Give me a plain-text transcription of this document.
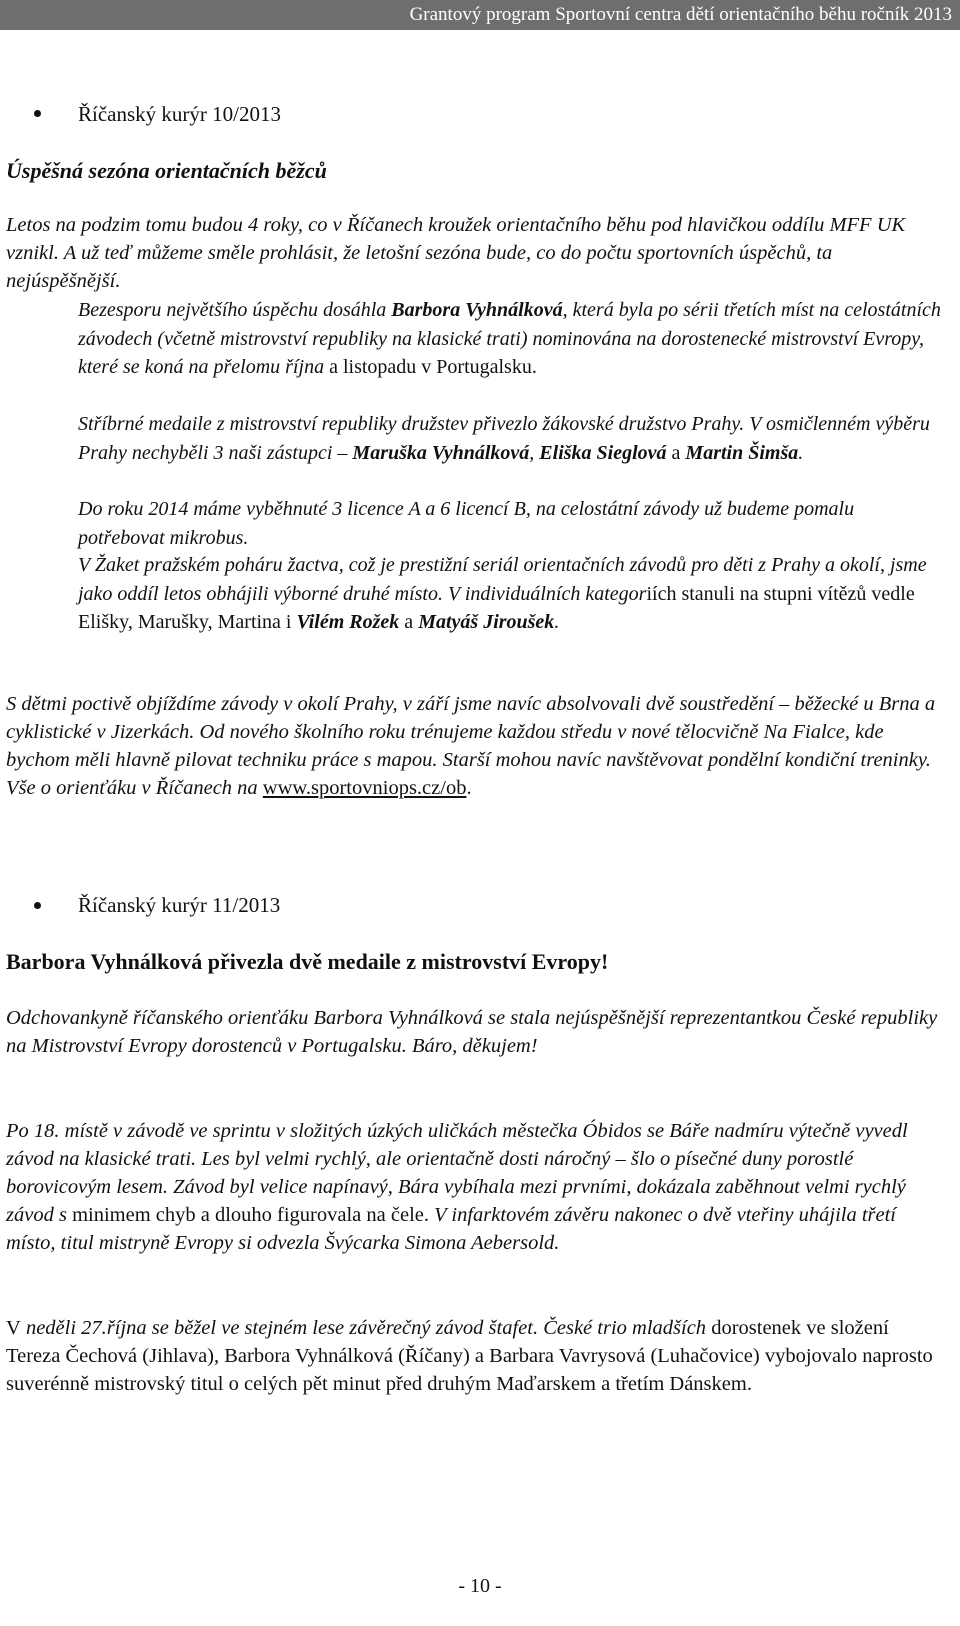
Grantový program Sportovní centra dětí orientačního běhu ročník 2013
Říčanský kurýr 10/2013
Úspěšná sezóna orientačních běžců

Letos na podzim tomu budou 4 roky, co v Říčanech kroužek orientačního běhu pod hlavičkou oddílu MFF UK vznikl. A už teď můžeme směle prohlásit, že letošní sezóna bude, co do počtu sportovních úspěchů, ta nejúspěšnější.

Bezesporu největšího úspěchu dosáhla Barbora Vyhnálková, která byla po sérii třetích míst na celostátních závodech (včetně mistrovství republiky na klasické trati) nominována na dorostenecké mistrovství Evropy, které se koná na přelomu října a listopadu v Portugalsku.

Stříbrné medaile z mistrovství republiky družstev přivezlo žákovské družstvo Prahy. V osmičlenném výběru Prahy nechyběli 3 naši zástupci – Maruška Vyhnálková, Eliška Sieglová a Martin Šimša.

Do roku 2014 máme vyběhnuté 3 licence A a 6 licencí B, na celostátní závody už budeme pomalu potřebovat mikrobus.

V Žaket pražském poháru žactva, což je prestižní seriál orientačních závodů pro děti z Prahy a okolí, jsme jako oddíl letos obhájili výborné druhé místo. V individuálních kategoriích stanuli na stupni vítězů vedle Elišky, Marušky, Martina i Vilém Rožek a Matyáš Jiroušek.

S dětmi poctivě objíždíme závody v okolí Prahy, v září jsme navíc absolvovali dvě soustředění – běžecké u Brna a cyklistické v Jizerkách. Od nového školního roku trénujeme každou středu v nové tělocvičně Na Fialce, kde bychom měli hlavně pilovat techniku práce s mapou. Starší mohou navíc navštěvovat pondělní kondiční treninky. Vše o orienťáku v Říčanech na www.sportovniops.cz/ob.

Říčanský kurýr 11/2013
Barbora Vyhnálková přivezla dvě medaile z mistrovství Evropy!

Odchovankyně říčanského orienťáku Barbora Vyhnálková se stala nejúspěšnější reprezentantkou České republiky na Mistrovství Evropy dorostenců v Portugalsku. Báro, děkujem!

Po 18. místě v závodě ve sprintu v složitých úzkých uličkách městečka Óbidos se Báře nadmíru výtečně vyvedl závod na klasické trati. Les byl velmi rychlý, ale orientačně dosti náročný – šlo o písečné duny porostlé borovicovým lesem. Závod byl velice napínavý, Bára vybíhala mezi prvními, dokázala zaběhnout velmi rychlý závod s minimem chyb a dlouho figurovala na čele. V infarktovém závěru nakonec o dvě vteřiny uhájila třetí místo, titul mistryně Evropy si odvezla Švýcarka Simona Aebersold.

V neděli 27.října se běžel ve stejném lese závěrečný závod štafet. České trio mladších dorostenek ve složení Tereza Čechová (Jihlava), Barbora Vyhnálková (Říčany) a Barbara Vavrysová (Luhačovice) vybojovalo naprosto suverénně mistrovský titul o celých pět minut před druhým Maďarskem a třetím Dánskem.

- 10 -
